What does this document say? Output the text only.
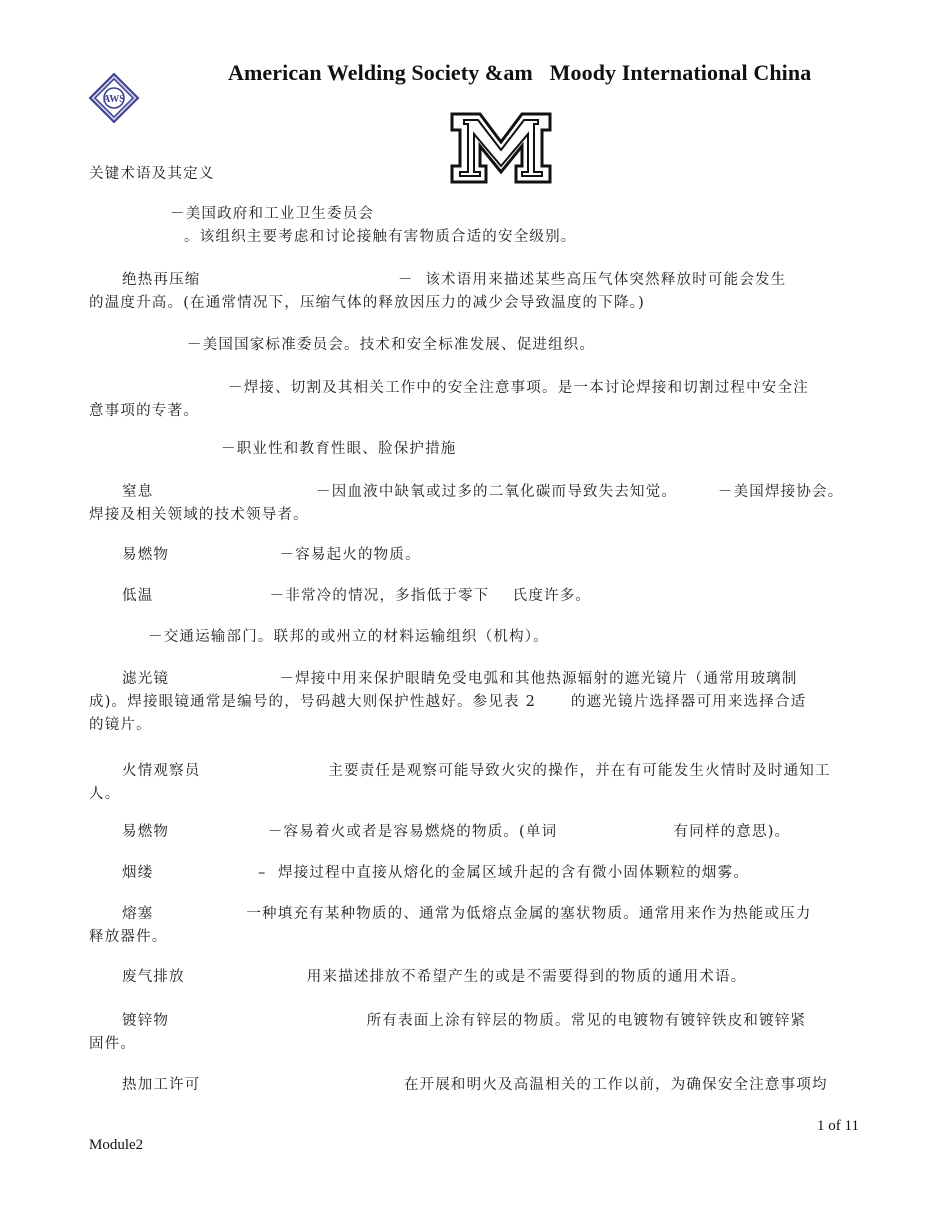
AWS
American Welding Society &am   Moody International China
M
关键术语及其定义
－美国政府和工业卫生委员会
。该组织主要考虑和讨论接触有害物质合适的安全级别。
绝热再压缩                                  －  该术语用来描述某些高压气体突然释放时可能会发生
的温度升高。(在通常情况下，压缩气体的释放因压力的减少会导致温度的下降。)
－美国国家标准委员会。技术和安全标准发展、促进组织。
－焊接、切割及其相关工作中的安全注意事项。是一本讨论焊接和切割过程中安全注
意事项的专著。
－职业性和教育性眼、脸保护措施
窒息                            －因血液中缺氧或过多的二氧化碳而导致失去知觉。       －美国焊接协会。
焊接及相关领域的技术领导者。
易燃物                   －容易起火的物质。
低温                    －非常冷的情况，多指低于零下    氏度许多。
－交通运输部门。联邦的或州立的材料运输组织（机构）。
滤光镜                   －焊接中用来保护眼睛免受电弧和其他热源辐射的遮光镜片（通常用玻璃制
成)。焊接眼镜通常是编号的，号码越大则保护性越好。参见表 2      的遮光镜片选择器可用来选择合适
的镜片。
火情观察员                      主要责任是观察可能导致火灾的操作，并在有可能发生火情时及时通知工
人。
易燃物                 －容易着火或者是容易燃烧的物质。(单词                    有同样的意思)。
烟缕                  –  焊接过程中直接从熔化的金属区域升起的含有微小固体颗粒的烟雾。
熔塞                一种填充有某种物质的、通常为低熔点金属的塞状物质。通常用来作为热能或压力
释放器件。
废气排放                     用来描述排放不希望产生的或是不需要得到的物质的通用术语。
镀锌物                                  所有表面上涂有锌层的物质。常见的电镀物有镀锌铁皮和镀锌紧
固件。
热加工许可                                   在开展和明火及高温相关的工作以前，为确保安全注意事项均
1 of 11
Module2
